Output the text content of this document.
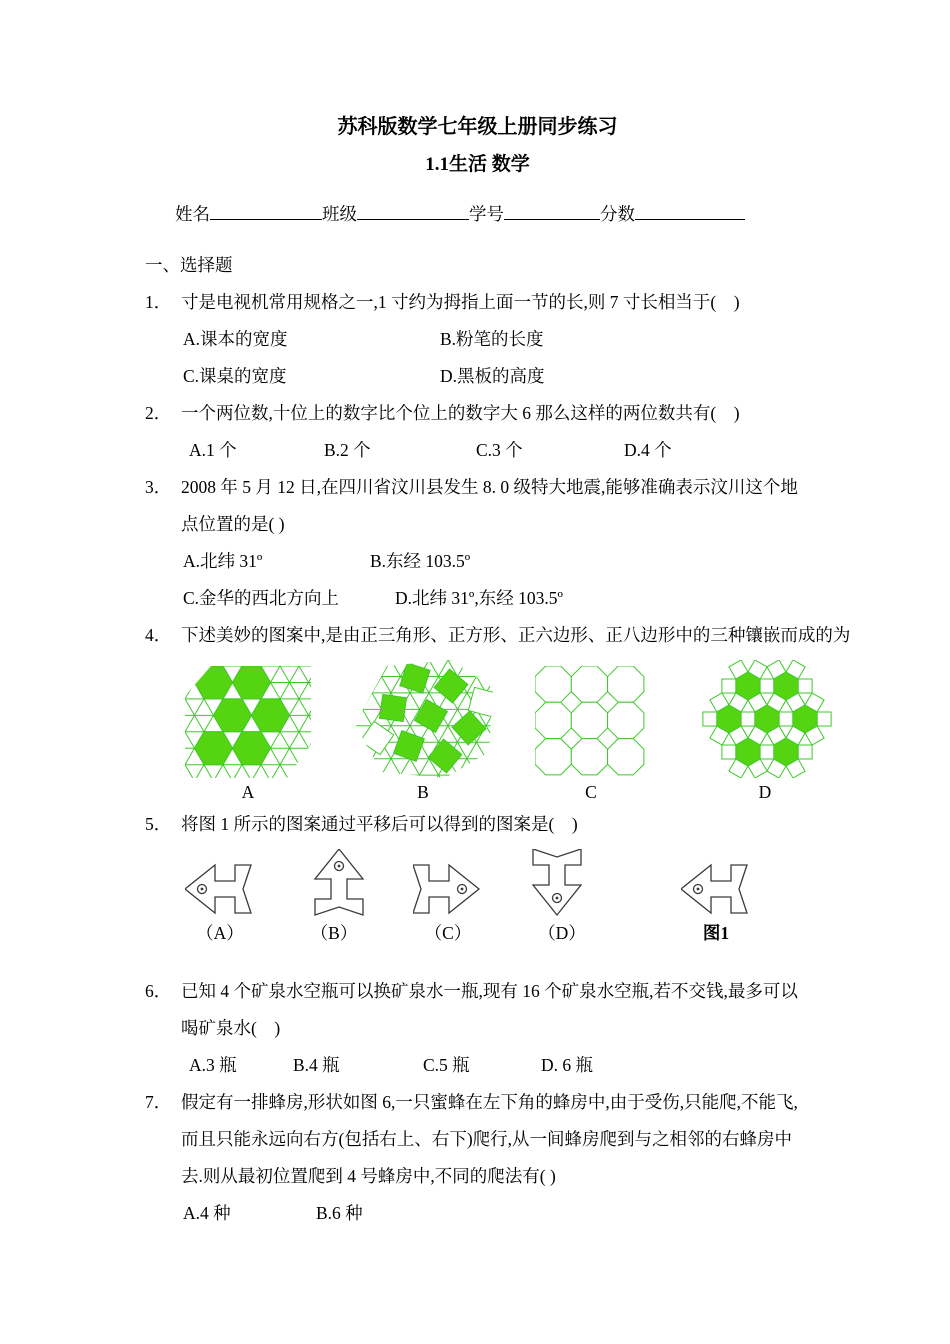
苏科版数学七年级上册同步练习
1.1生活 数学
姓名	班级	学号	分数
一、选择题
1． 寸是电视机常用规格之一,1 寸约为拇指上面一节的长,则 7 寸长相当于(　)
A.课本的宽度	B.粉笔的长度
C.课桌的宽度	D.黑板的高度
2． 一个两位数,十位上的数字比个位上的数字大 6 那么这样的两位数共有(　)
A.1 个	B.2 个	C.3 个	D.4 个
3． 2008 年 5 月 12 日,在四川省汶川县发生 8. 0 级特大地震,能够准确表示汶川这个地点位置的是( )
A.北纬 31º	B.东经 103.5º
C.金华的西北方向上	D.北纬 31º,东经 103.5º
4． 下述美妙的图案中,是由正三角形、正方形、正六边形、正八边形中的三种镶嵌而成的为
A	B	C	D
5． 将图 1 所示的图案通过平移后可以得到的图案是(　)
（A）	（B）	（C）	（D）	图1
6． 已知 4 个矿泉水空瓶可以换矿泉水一瓶,现有 16 个矿泉水空瓶,若不交钱,最多可以喝矿泉水(　)
A.3 瓶	B.4 瓶	C.5 瓶	D. 6 瓶
7． 假定有一排蜂房,形状如图 6,一只蜜蜂在左下角的蜂房中,由于受伤,只能爬,不能飞,而且只能永远向右方(包括右上、右下)爬行,从一间蜂房爬到与之相邻的右蜂房中去.则从最初位置爬到 4 号蜂房中,不同的爬法有( )
A.4 种	B.6 种
